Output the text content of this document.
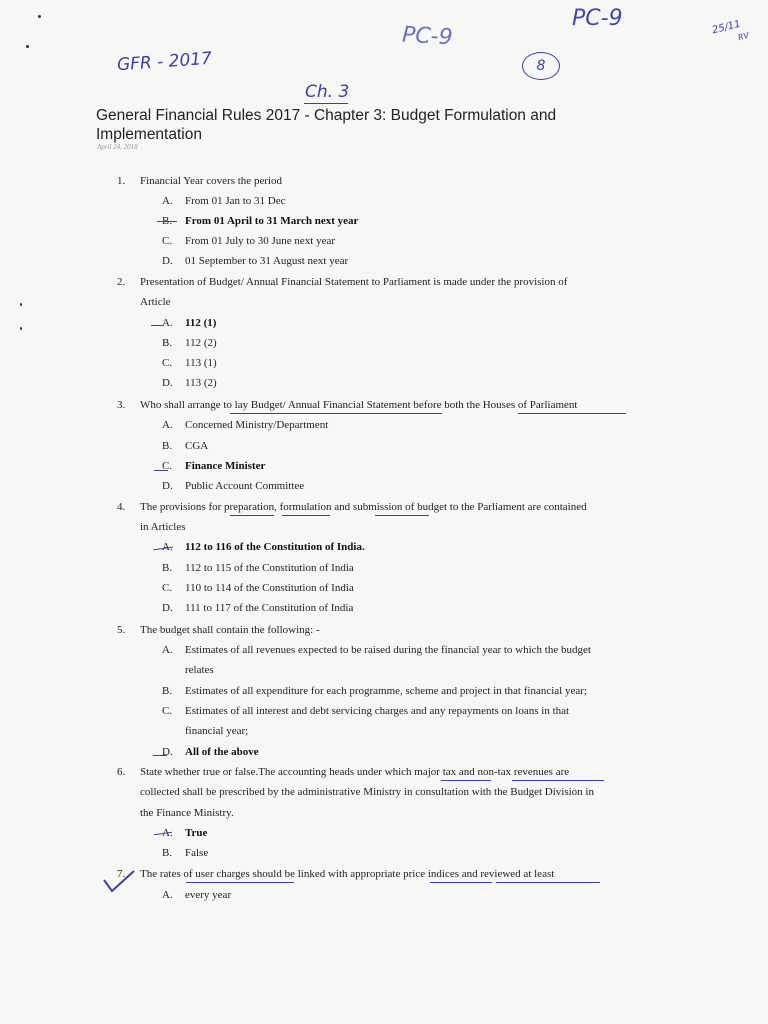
GFR - 2017
PC-9
PC-9
8
25/11
RV
Ch. 3
General Financial Rules 2017 - Chapter 3: Budget Formulation and
Implementation
April 24, 2018
1. Financial Year covers the period
A. From 01 Jan to 31 Dec
B. From 01 April to 31 March next year
C. From 01 July to 30 June next year
D. 01 September to 31 August next year
2. Presentation of Budget/ Annual Financial Statement to Parliament is made under the provision of
Article
A. 112 (1)
B. 112 (2)
C. 113 (1)
D. 113 (2)
3. Who shall arrange to lay Budget/ Annual Financial Statement before both the Houses of Parliament
A. Concerned Ministry/Department
B. CGA
C. Finance Minister
D. Public Account Committee
4. The provisions for preparation, formulation and submission of budget to the Parliament are contained
in Articles
A. 112 to 116 of the Constitution of India.
B. 112 to 115 of the Constitution of India
C. 110 to 114 of the Constitution of India
D. 111 to 117 of the Constitution of India
5. The budget shall contain the following: -
A. Estimates of all revenues expected to be raised during the financial year to which the budget
relates
B. Estimates of all expenditure for each programme, scheme and project in that financial year;
C. Estimates of all interest and debt servicing charges and any repayments on loans in that
financial year;
D. All of the above
6. State whether true or false.The accounting heads under which major tax and non-tax revenues are
collected shall be prescribed by the administrative Ministry in consultation with the Budget Division in
the Finance Ministry.
A. True
B. False
7. The rates of user charges should be linked with appropriate price indices and reviewed at least
A. every year
